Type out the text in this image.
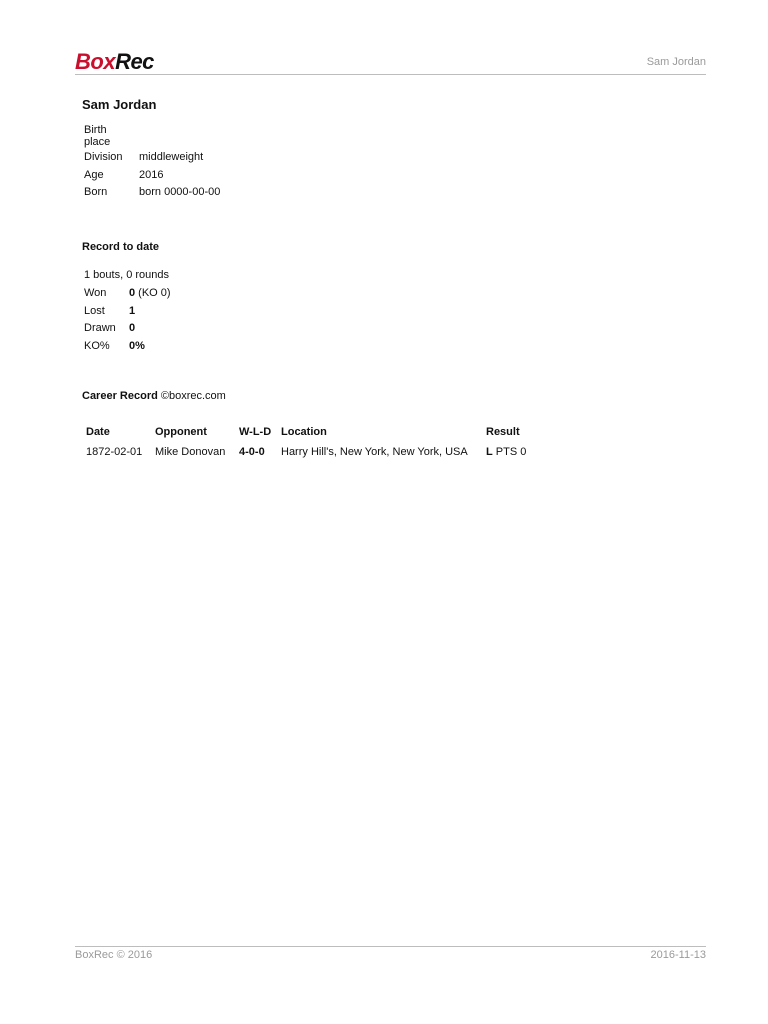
BoxRec	Sam Jordan
Sam Jordan
Birth place	
Division	middleweight
Age	2016
Born	born 0000-00-00
Record to date
1 bouts, 0 rounds
Won	0 (KO 0)
Lost	1
Drawn	0
KO%	0%
Career Record ©boxrec.com
Date	Opponent	W-L-D	Location	Result
1872-02-01	Mike Donovan	4-0-0	Harry Hill's, New York, New York, USA	L PTS 0
BoxRec © 2016	2016-11-13
